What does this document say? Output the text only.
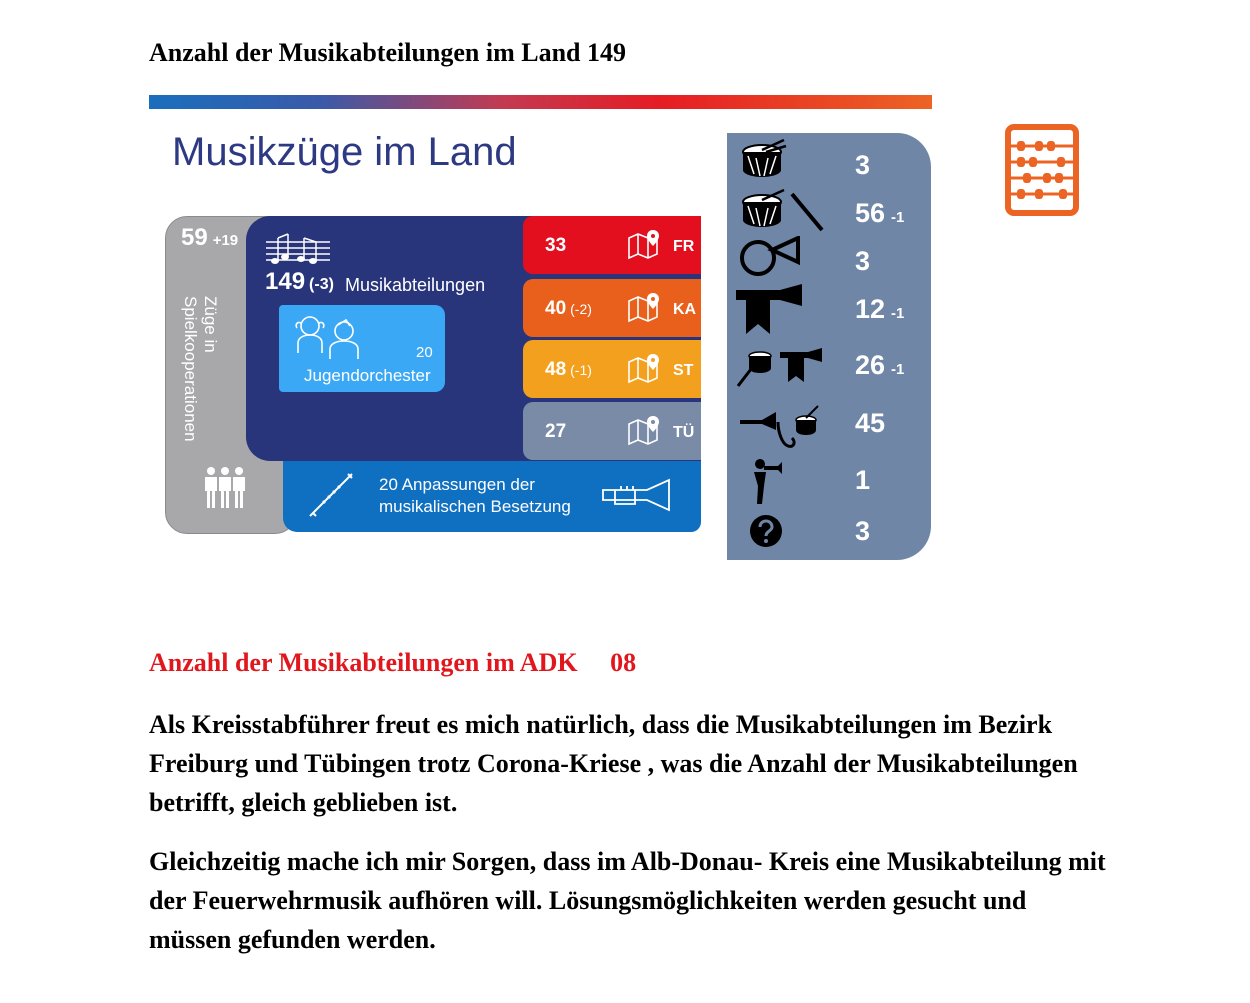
Anzahl der Musikabteilungen im Land 149
Musikzüge im Land
59 +19
Züge in Spielkooperationen
149 (-3) Musikabteilungen
20
Jugendorchester
33	FR
40 (-2)	KA
48 (-1)	ST
27	TÜ
20 Anpassungen der
musikalischen Besetzung
3
56 -1
3
12 -1
26 -1
45
1
3
Anzahl der Musikabteilungen im ADK     08
Als Kreisstabführer freut es mich natürlich, dass die Musikabteilungen im Bezirk Freiburg und Tübingen trotz Corona-Kriese , was die Anzahl der Musikabteilungen betrifft, gleich geblieben ist.
Gleichzeitig mache ich mir Sorgen, dass im Alb-Donau- Kreis eine Musikabteilung mit der Feuerwehrmusik aufhören will. Lösungsmöglichkeiten werden gesucht und müssen gefunden werden.
